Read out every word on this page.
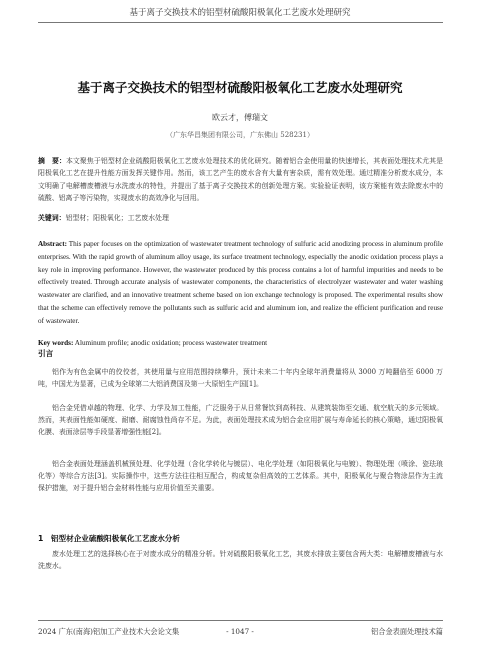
基于离子交换技术的铝型材硫酸阳极氧化工艺废水处理研究
基于离子交换技术的铝型材硫酸阳极氧化工艺废水处理研究
欧云才，傅瑞文
（广东华昌集团有限公司，广东佛山 528231）
摘　要：本文聚焦于铝型材企业硫酸阳极氧化工艺废水处理技术的优化研究。随着铝合金使用量的快速增长，其表面处理技术尤其是阳极氧化工艺在提升性能方面发挥关键作用。然而，该工艺产生的废水含有大量有害杂质，需有效处理。通过精准分析废水成分，本文明确了电解槽废槽液与水洗废水的特性，并提出了基于离子交换技术的创新处理方案。实验验证表明，该方案能有效去除废水中的硫酸、铝离子等污染物，实现废水的高效净化与回用。
关键词：铝型材；阳极氧化；工艺废水处理
Abstract: This paper focuses on the optimization of wastewater treatment technology of sulfuric acid anodizing process in aluminum profile enterprises. With the rapid growth of aluminum alloy usage, its surface treatment technology, especially the anodic oxidation process plays a key role in improving performance. However, the wastewater produced by this process contains a lot of harmful impurities and needs to be effectively treated. Through accurate analysis of wastewater components, the characteristics of electrolyzer wastewater and water washing wastewater are clarified, and an innovative treatment scheme based on ion exchange technology is proposed. The experimental results show that the scheme can effectively remove the pollutants such as sulfuric acid and aluminum ion, and realize the efficient purification and reuse of wastewater.
Key words: Aluminum profile; anodic oxidation; process wastewater treatment
引言
铝作为有色金属中的佼佼者，其使用量与应用范围持续攀升，预计未来二十年内全球年消费量将从 3000 万吨翻倍至 6000 万吨，中国尤为显著，已成为全球第二大铝消费国及第一大原铝生产国[1]。
铝合金凭借卓越的物理、化学、力学及加工性能，广泛服务于从日常餐饮到高科技、从建筑装饰至交通、航空航天的多元领域。然而，其表面性能如硬度、耐磨、耐腐蚀性尚存不足。为此，表面处理技术成为铝合金应用扩展与寿命延长的核心策略，通过阳极氧化膜、表面涂层等手段显著增强性能[2]。
铝合金表面处理涵盖机械预处理、化学处理（含化学转化与镀层）、电化学处理（如阳极氧化与电镀）、物理处理（喷涂、瓷珐琅化等）等综合方法[3]。实际操作中，这些方法往往相互配合，构成复杂但高效的工艺体系。其中，阳极氧化与聚合物涂层作为主流保护措施，对于提升铝合金材料性能与应用价值至关重要。
1　铝型材企业硫酸阳极氧化工艺废水分析
废水处理工艺的选择核心在于对废水成分的精准分析。针对硫酸阳极氧化工艺，其废水排放主要包含两大类：电解槽废槽液与水洗废水。
2024 广东(南海)铝加工产业技术大会论文集	- 1047 -	铝合金表面处理技术篇
